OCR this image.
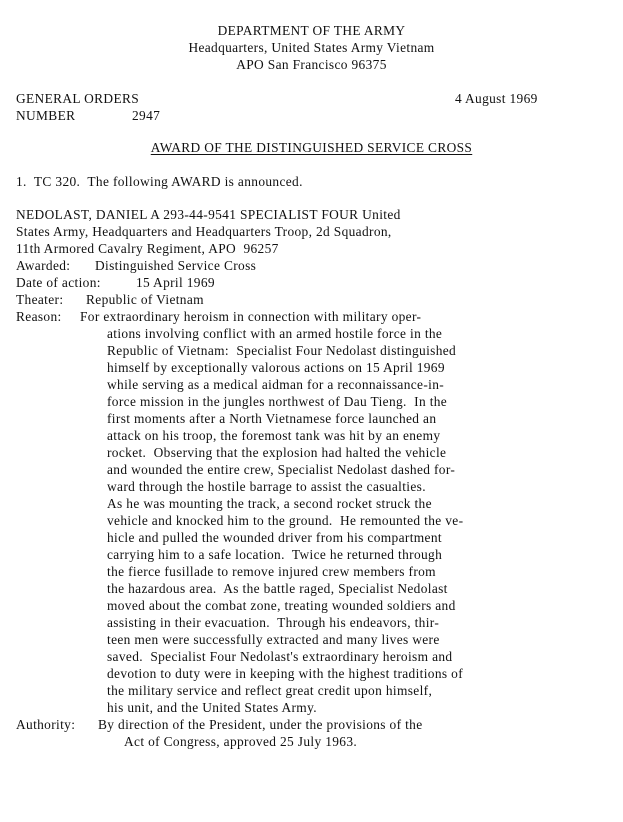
DEPARTMENT OF THE ARMY
Headquarters, United States Army Vietnam
APO San Francisco 96375
GENERAL ORDERS	4 August 1969
NUMBER	2947
AWARD OF THE DISTINGUISHED SERVICE CROSS
1.  TC 320.  The following AWARD is announced.
NEDOLAST, DANIEL A 293-44-9541 SPECIALIST FOUR United
States Army, Headquarters and Headquarters Troop, 2d Squadron,
11th Armored Cavalry Regiment, APO  96257
Awarded: Distinguished Service Cross
Date of action:	15 April 1969
Theater: Republic of Vietnam
Reason: For extraordinary heroism in connection with military oper-
ations involving conflict with an armed hostile force in the
Republic of Vietnam:  Specialist Four Nedolast distinguished
himself by exceptionally valorous actions on 15 April 1969
while serving as a medical aidman for a reconnaissance-in-
force mission in the jungles northwest of Dau Tieng.  In the
first moments after a North Vietnamese force launched an
attack on his troop, the foremost tank was hit by an enemy
rocket.  Observing that the explosion had halted the vehicle
and wounded the entire crew, Specialist Nedolast dashed for-
ward through the hostile barrage to assist the casualties.
As he was mounting the track, a second rocket struck the
vehicle and knocked him to the ground.  He remounted the ve-
hicle and pulled the wounded driver from his compartment
carrying him to a safe location.  Twice he returned through
the fierce fusillade to remove injured crew members from
the hazardous area.  As the battle raged, Specialist Nedolast
moved about the combat zone, treating wounded soldiers and
assisting in their evacuation.  Through his endeavors, thir-
teen men were successfully extracted and many lives were
saved.  Specialist Four Nedolast's extraordinary heroism and
devotion to duty were in keeping with the highest traditions of
the military service and reflect great credit upon himself,
his unit, and the United States Army.
Authority: By direction of the President, under the provisions of the
Act of Congress, approved 25 July 1963.
